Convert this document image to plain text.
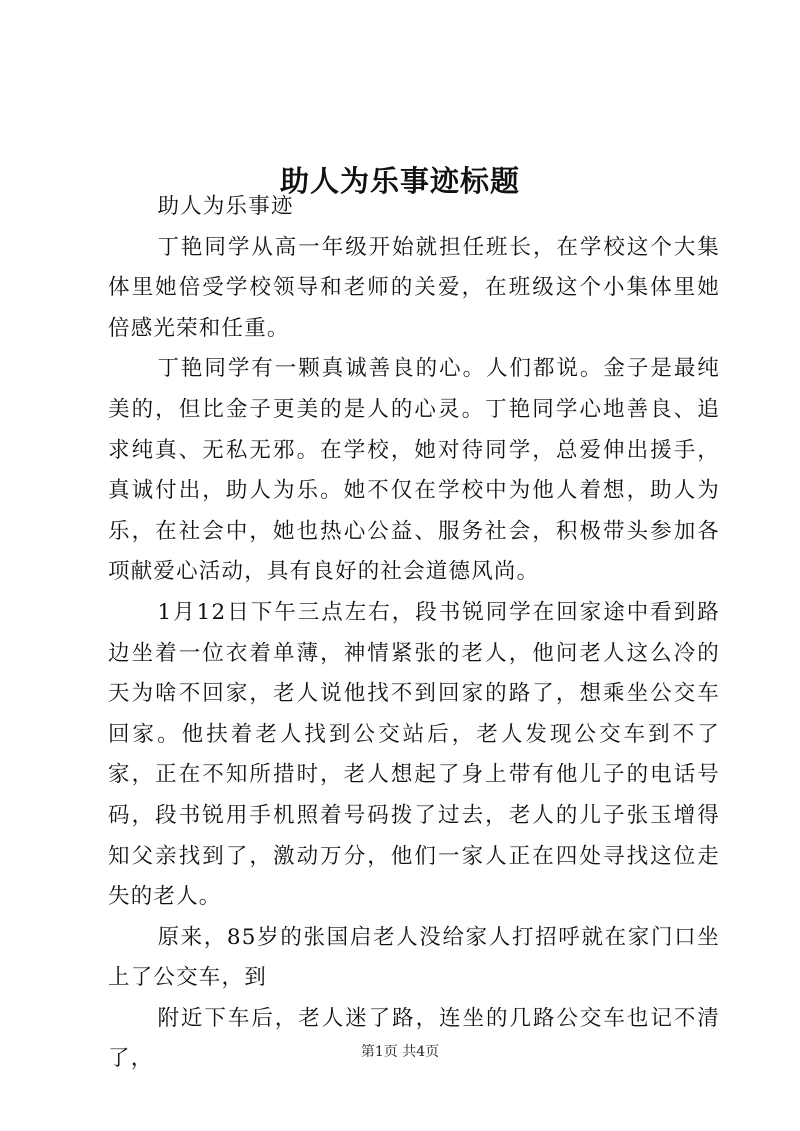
助人为乐事迹标题

助人为乐事迹

丁艳同学从高一年级开始就担任班长，在学校这个大集体里她倍受学校领导和老师的关爱，在班级这个小集体里她倍感光荣和任重。

丁艳同学有一颗真诚善良的心。人们都说。金子是最纯美的，但比金子更美的是人的心灵。丁艳同学心地善良、追求纯真、无私无邪。在学校，她对待同学，总爱伸出援手，真诚付出，助人为乐。她不仅在学校中为他人着想，助人为乐，在社会中，她也热心公益、服务社会，积极带头参加各项献爱心活动，具有良好的社会道德风尚。

1月12日下午三点左右，段书锐同学在回家途中看到路边坐着一位衣着单薄，神情紧张的老人，他问老人这么冷的天为啥不回家，老人说他找不到回家的路了，想乘坐公交车回家。他扶着老人找到公交站后，老人发现公交车到不了家，正在不知所措时，老人想起了身上带有他儿子的电话号码，段书锐用手机照着号码拨了过去，老人的儿子张玉增得知父亲找到了，激动万分，他们一家人正在四处寻找这位走失的老人。

原来，85岁的张国启老人没给家人打招呼就在家门口坐上了公交车，到

附近下车后，老人迷了路，连坐的几路公交车也记不清了，	第1页 共4页
